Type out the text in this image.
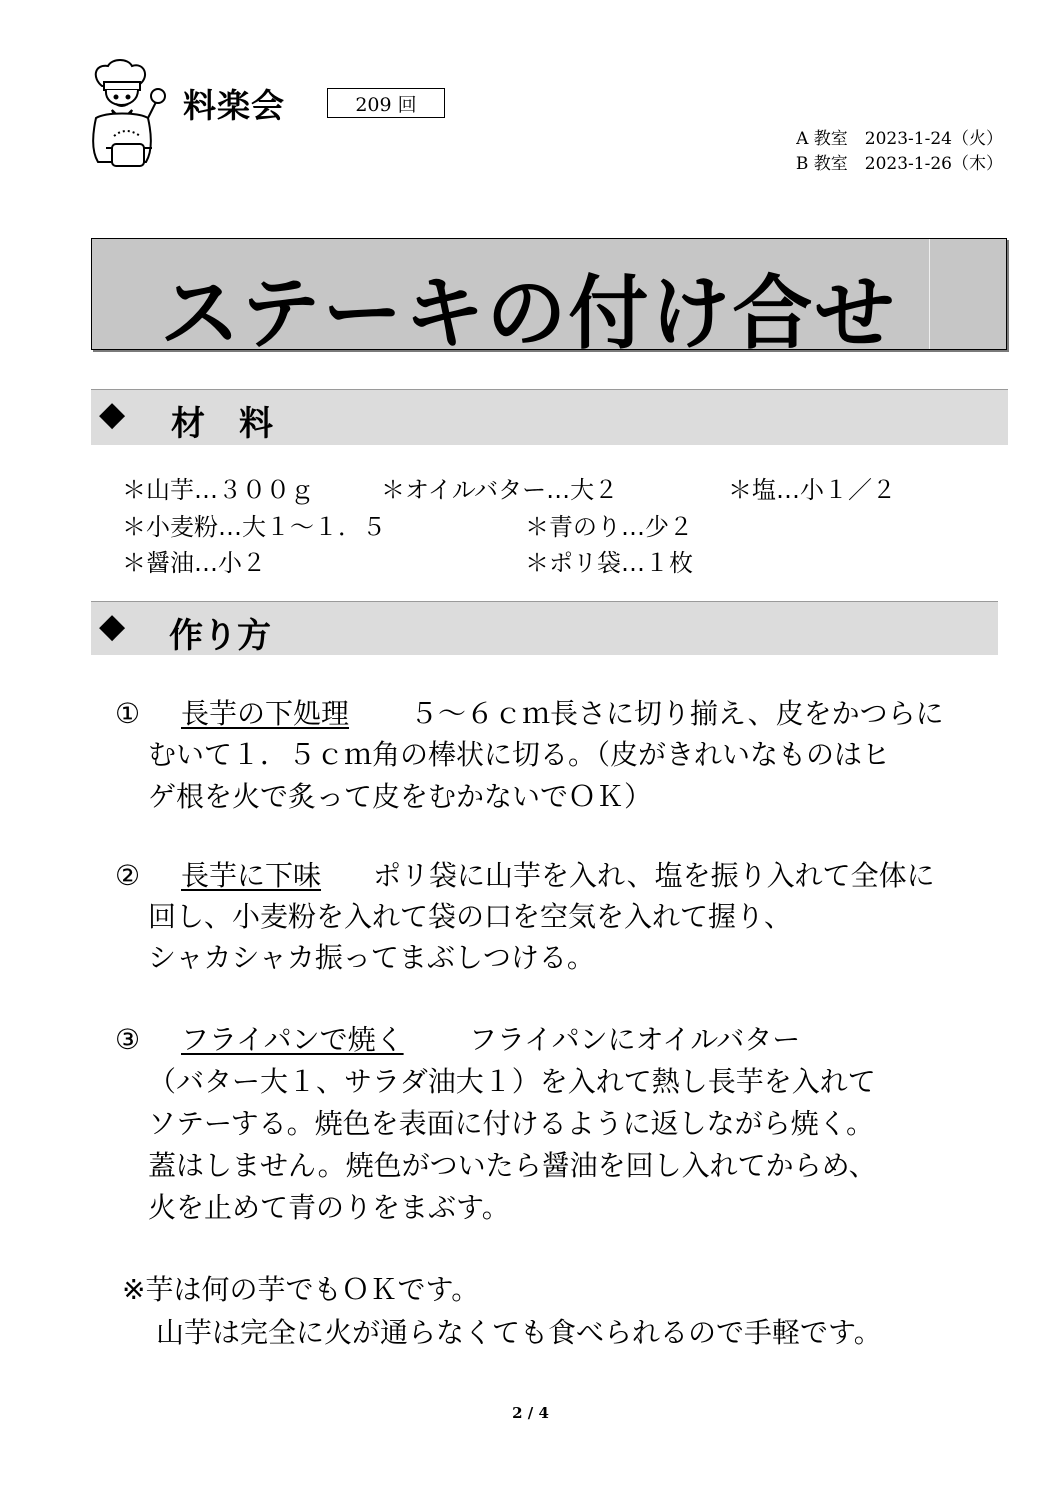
料楽会	209 回
A 教室　2023-1-24（火）
B 教室　2023-1-26（木）
ステーキの付け合せ
◆ 材　料
＊山芋…３００ｇ	＊オイルバター…大２	＊塩…小１／２
＊小麦粉…大１～１．５	＊青のり…少２
＊醤油…小２	＊ポリ袋…１枚
◆ 作り方
① 長芋の下処理 ５～６ｃｍ長さに切り揃え、皮をかつらに
むいて１．５ｃｍ角の棒状に切る。（皮がきれいなものはヒ
ゲ根を火で炙って皮をむかないでＯＫ）
② 長芋に下味 ポリ袋に山芋を入れ、塩を振り入れて全体に
回し、小麦粉を入れて袋の口を空気を入れて握り、
シャカシャカ振ってまぶしつける。
③ フライパンで焼く フライパンにオイルバター
（バター大１、サラダ油大１）を入れて熱し長芋を入れて
ソテーする。焼色を表面に付けるように返しながら焼く。
蓋はしません。焼色がついたら醤油を回し入れてからめ、
火を止めて青のりをまぶす。
※芋は何の芋でもＯＫです。
山芋は完全に火が通らなくても食べられるので手軽です。
2 / 4
